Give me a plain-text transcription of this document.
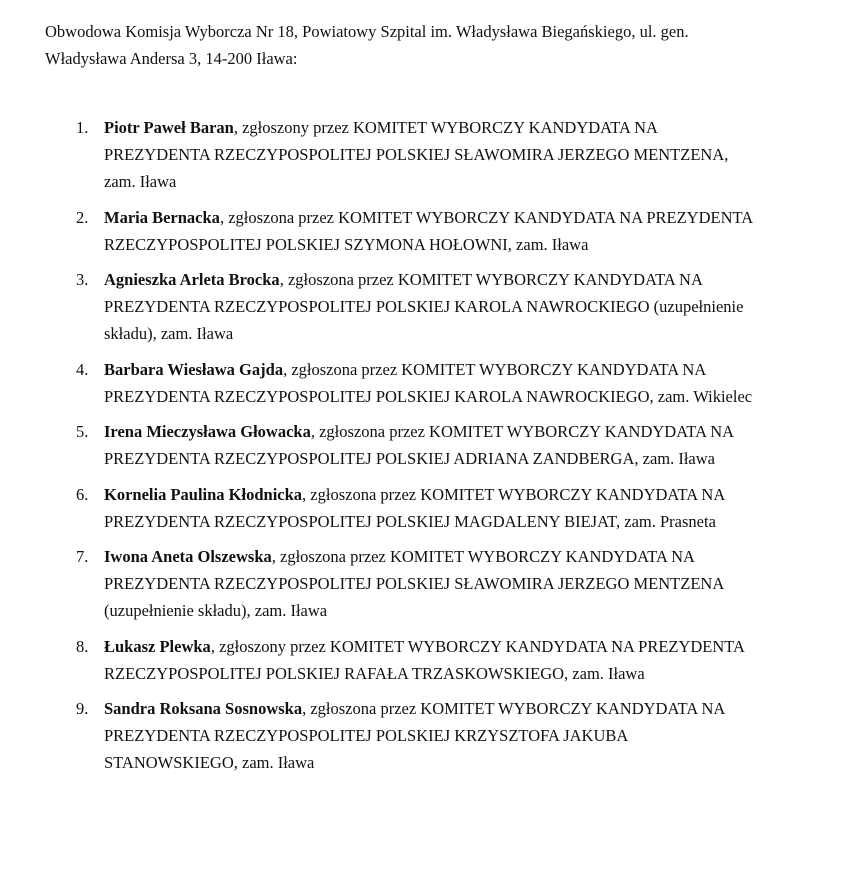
Obwodowa Komisja Wyborcza Nr 18, Powiatowy Szpital im. Władysława Biegańskiego, ul. gen.
Władysława Andersa 3, 14-200 Iława:
1. Piotr Paweł Baran, zgłoszony przez KOMITET WYBORCZY KANDYDATA NA
PREZYDENTA RZECZYPOSPOLITEJ POLSKIEJ SŁAWOMIRA JERZEGO MENTZENA,
zam. Iława
2. Maria Bernacka, zgłoszona przez KOMITET WYBORCZY KANDYDATA NA PREZYDENTA
RZECZYPOSPOLITEJ POLSKIEJ SZYMONA HOŁOWNI, zam. Iława
3. Agnieszka Arleta Brocka, zgłoszona przez KOMITET WYBORCZY KANDYDATA NA
PREZYDENTA RZECZYPOSPOLITEJ POLSKIEJ KAROLA NAWROCKIEGO (uzupełnienie
składu), zam. Iława
4. Barbara Wiesława Gajda, zgłoszona przez KOMITET WYBORCZY KANDYDATA NA
PREZYDENTA RZECZYPOSPOLITEJ POLSKIEJ KAROLA NAWROCKIEGO, zam. Wikielec
5. Irena Mieczysława Głowacka, zgłoszona przez KOMITET WYBORCZY KANDYDATA NA
PREZYDENTA RZECZYPOSPOLITEJ POLSKIEJ ADRIANA ZANDBERGA, zam. Iława
6. Kornelia Paulina Kłodnicka, zgłoszona przez KOMITET WYBORCZY KANDYDATA NA
PREZYDENTA RZECZYPOSPOLITEJ POLSKIEJ MAGDALENY BIEJAT, zam. Prasneta
7. Iwona Aneta Olszewska, zgłoszona przez KOMITET WYBORCZY KANDYDATA NA
PREZYDENTA RZECZYPOSPOLITEJ POLSKIEJ SŁAWOMIRA JERZEGO MENTZENA
(uzupełnienie składu), zam. Iława
8. Łukasz Plewka, zgłoszony przez KOMITET WYBORCZY KANDYDATA NA PREZYDENTA
RZECZYPOSPOLITEJ POLSKIEJ RAFAŁA TRZASKOWSKIEGO, zam. Iława
9. Sandra Roksana Sosnowska, zgłoszona przez KOMITET WYBORCZY KANDYDATA NA
PREZYDENTA RZECZYPOSPOLITEJ POLSKIEJ KRZYSZTOFA JAKUBA
STANOWSKIEGO, zam. Iława
